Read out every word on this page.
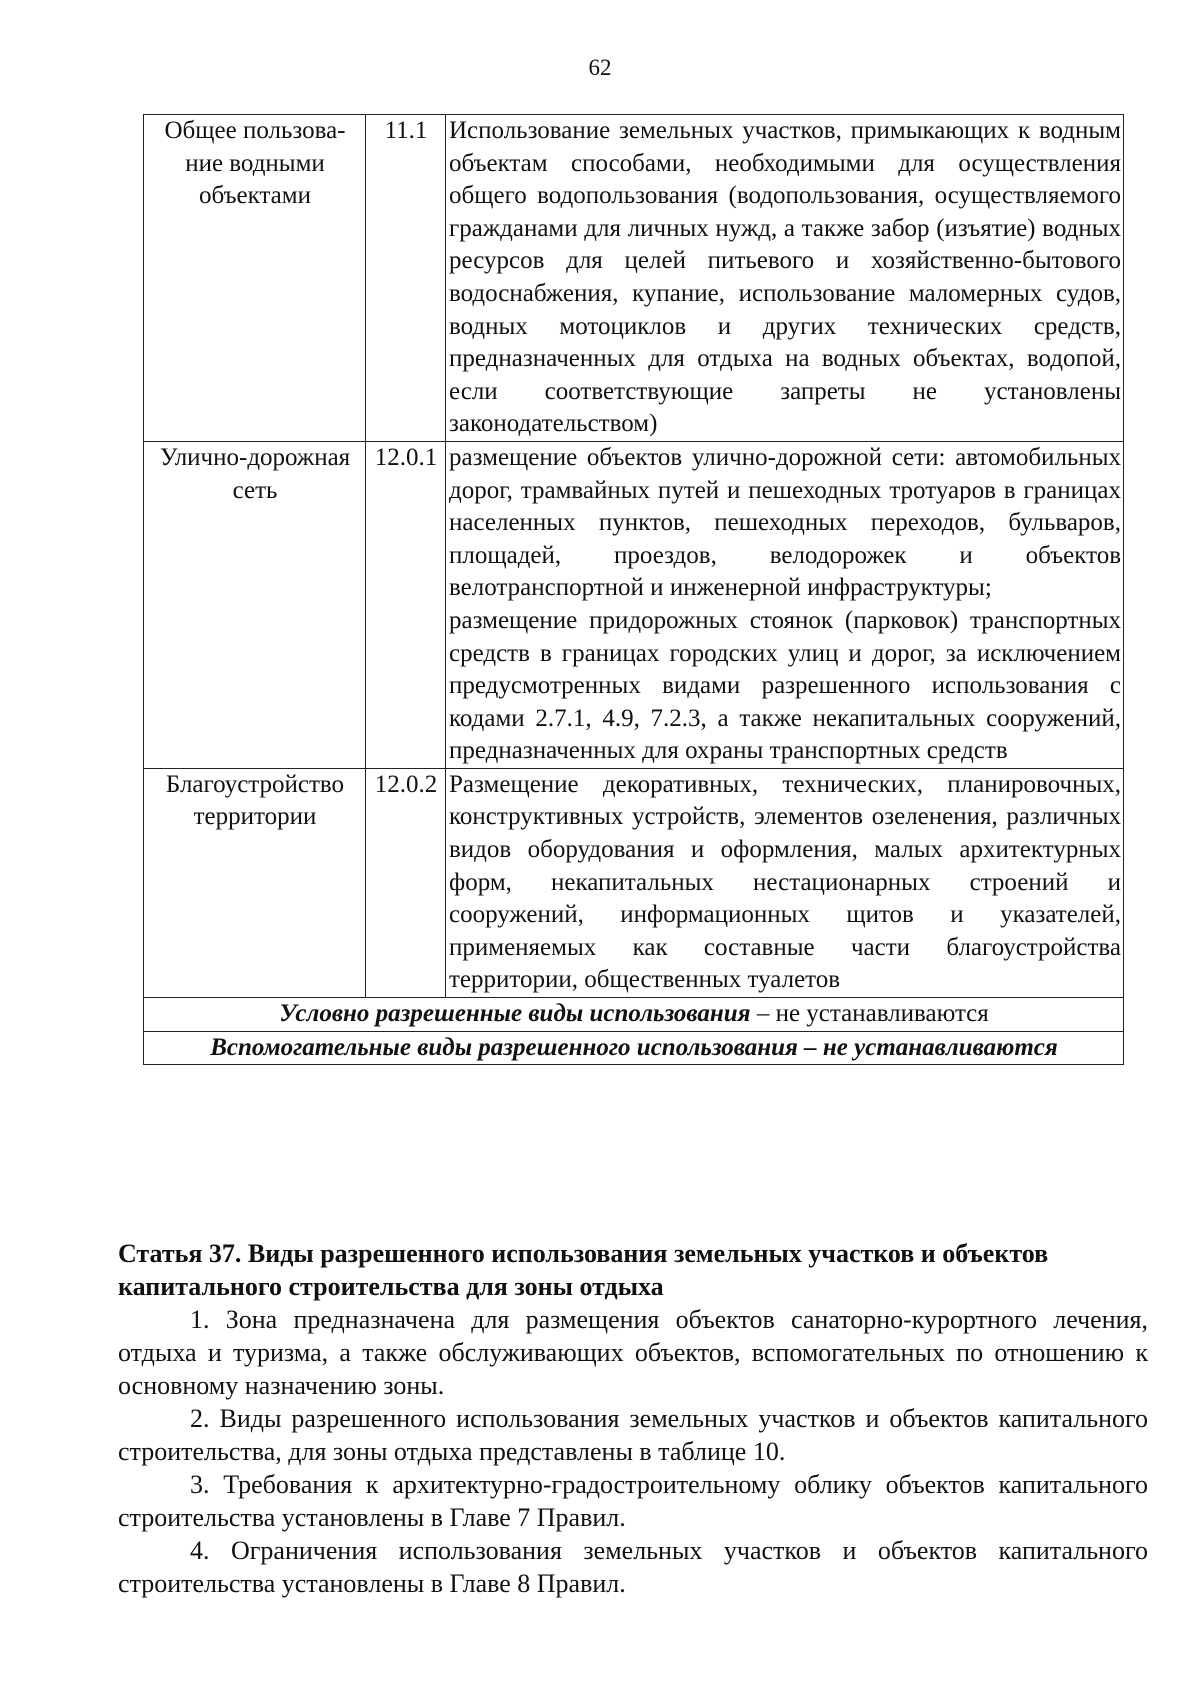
62
Общее пользова-ние водными объектами	11.1	Использование земельных участков, примыкающих к водным объектам способами, необходимыми для осуществления общего водопользования (водопользования, осуществляемого гражданами для личных нужд, а также забор (изъятие) водных ресурсов для целей питьевого и хозяйственно-бытового водоснабжения, купание, использование маломерных судов, водных мотоциклов и других технических средств, предназначенных для отдыха на водных объектах, водопой, если соответствующие запреты не установлены законодательством)

Улично-дорожная сеть	12.0.1	размещение объектов улично-дорожной сети: автомобильных дорог, трамвайных путей и пешеходных тротуаров в границах населенных пунктов, пешеходных переходов, бульваров, площадей, проездов, велодорожек и объектов велотранспортной и инженерной инфраструктуры;

размещение придорожных стоянок (парковок) транспортных средств в границах городских улиц и дорог, за исключением предусмотренных видами разрешенного использования с кодами 2.7.1, 4.9, 7.2.3, а также некапитальных сооружений, предназначенных для охраны транспортных средств

Благоустройство территории	12.0.2	Размещение декоративных, технических, планировочных, конструктивных устройств, элементов озеленения, различных видов оборудования и оформления, малых архитектурных форм, некапитальных нестационарных строений и сооружений, информационных щитов и указателей, применяемых как составные части благоустройства территории, общественных туалетов

Условно разрешенные виды использования – не устанавливаются		
Вспомогательные виды разрешенного использования – не устанавливаются		
Статья 37. Виды разрешенного использования земельных участков и объектов капитального строительства для зоны отдыха

1. Зона предназначена для размещения объектов санаторно-курортного лечения, отдыха и туризма, а также обслуживающих объектов, вспомогательных по отношению к основному назначению зоны.

2. Виды разрешенного использования земельных участков и объектов капитального строительства, для зоны отдыха представлены в таблице 10.

3. Требования к архитектурно-градостроительному облику объектов капитального строительства установлены в Главе 7 Правил.

4. Ограничения использования земельных участков и объектов капитального строительства установлены в Главе 8 Правил.
